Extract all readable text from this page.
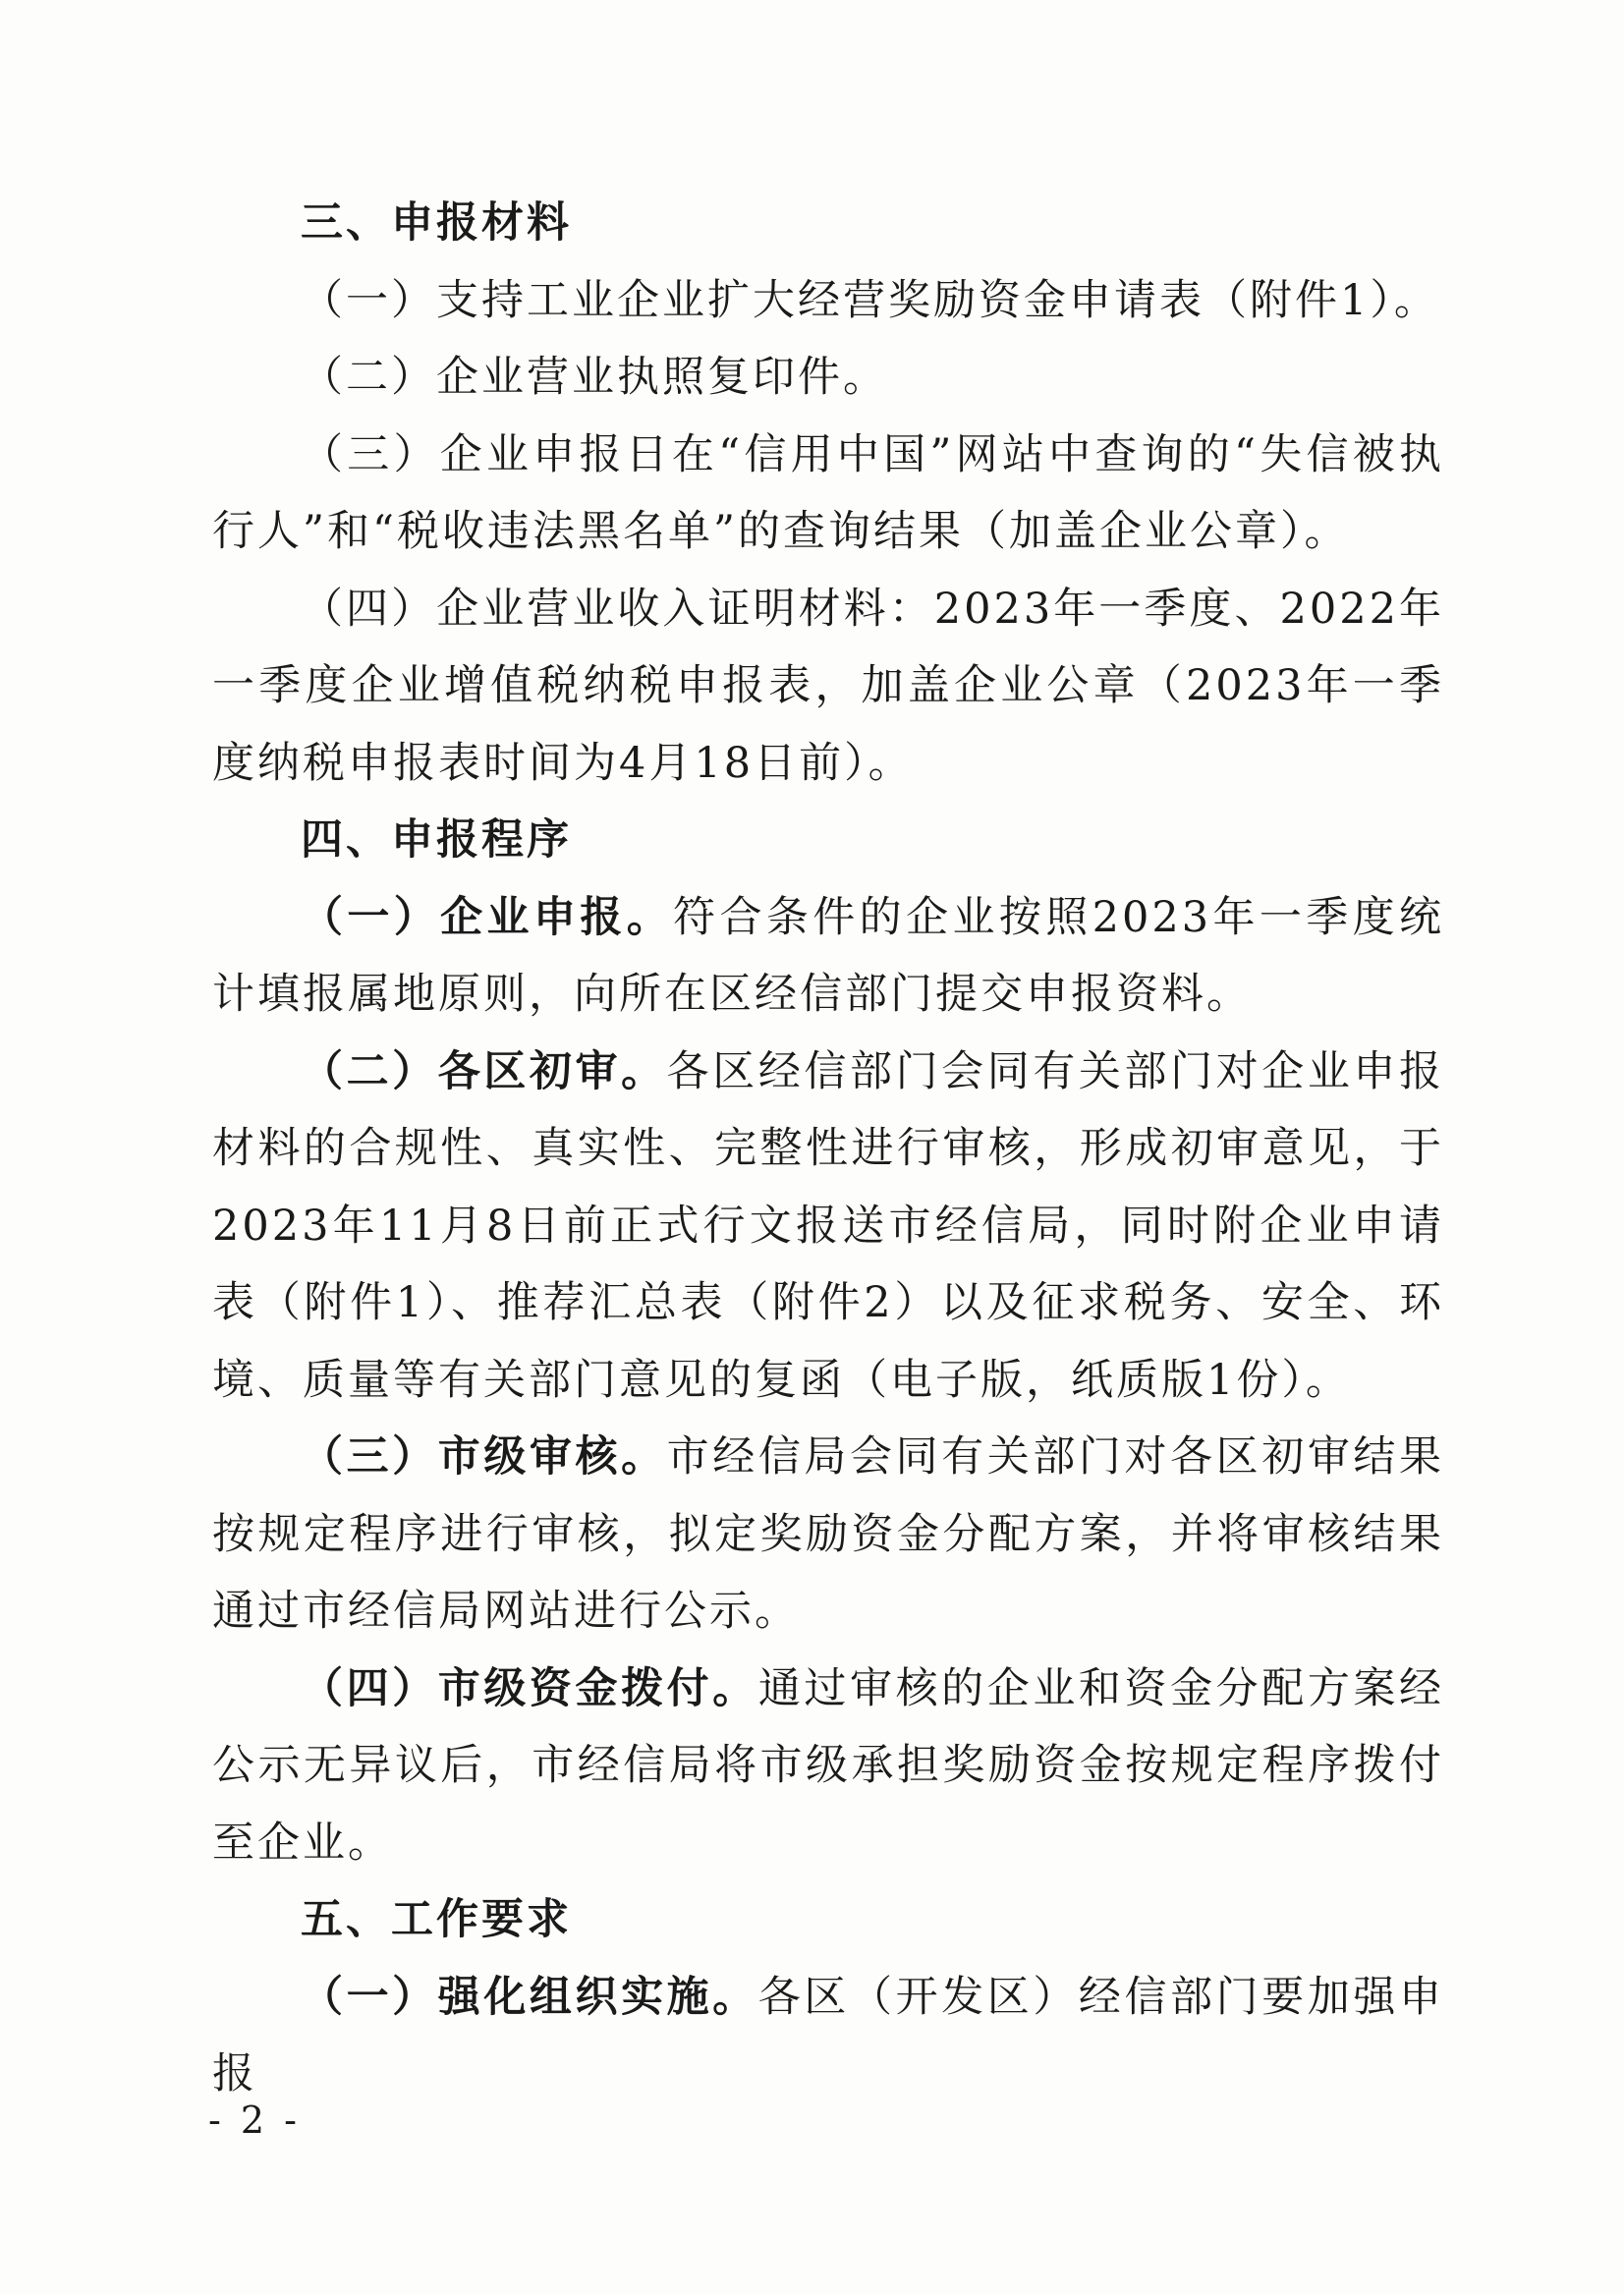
三、申报材料

（一）支持工业企业扩大经营奖励资金申请表（附件1）。

（二）企业营业执照复印件。

（三）企业申报日在“信用中国”网站中查询的“失信被执行人”和“税收违法黑名单”的查询结果（加盖企业公章）。

（四）企业营业收入证明材料：2023年一季度、2022年一季度企业增值税纳税申报表，加盖企业公章（2023年一季度纳税申报表时间为4月18日前）。

四、申报程序

（一）企业申报。符合条件的企业按照2023年一季度统计填报属地原则，向所在区经信部门提交申报资料。

（二）各区初审。各区经信部门会同有关部门对企业申报材料的合规性、真实性、完整性进行审核，形成初审意见，于2023年11月8日前正式行文报送市经信局，同时附企业申请表（附件1）、推荐汇总表（附件2）以及征求税务、安全、环境、质量等有关部门意见的复函（电子版，纸质版1份）。

（三）市级审核。市经信局会同有关部门对各区初审结果按规定程序进行审核，拟定奖励资金分配方案，并将审核结果通过市经信局网站进行公示。

（四）市级资金拨付。通过审核的企业和资金分配方案经公示无异议后，市经信局将市级承担奖励资金按规定程序拨付至企业。

五、工作要求

（一）强化组织实施。各区（开发区）经信部门要加强申报

- 2 -
